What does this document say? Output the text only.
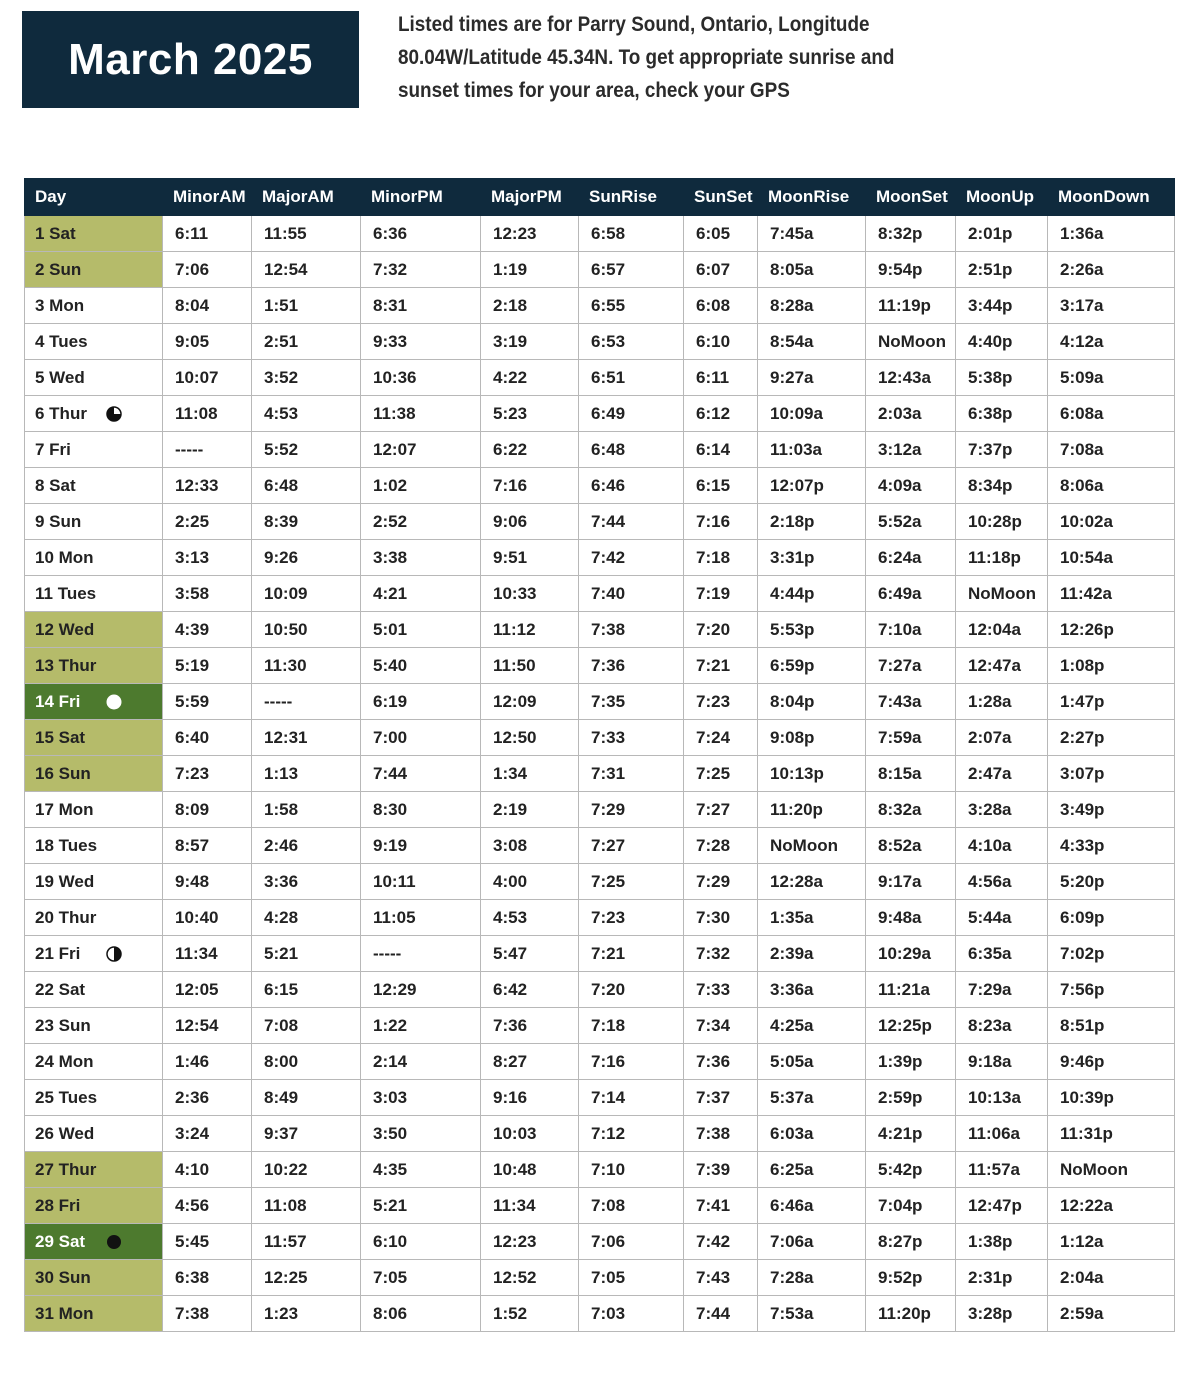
March 2025
Listed times are for Parry Sound, Ontario, Longitude 80.04W/Latitude 45.34N. To get appropriate sunrise and sunset times for your area, check your GPS
Day	MinorAM	MajorAM	MinorPM	MajorPM	SunRise	SunSet	MoonRise	MoonSet	MoonUp	MoonDown

1 Sat	6:11	11:55	6:36	12:23	6:58	6:05	7:45a	8:32p	2:01p	1:36a

2 Sun	7:06	12:54	7:32	1:19	6:57	6:07	8:05a	9:54p	2:51p	2:26a

3 Mon	8:04	1:51	8:31	2:18	6:55	6:08	8:28a	11:19p	3:44p	3:17a

4 Tues	9:05	2:51	9:33	3:19	6:53	6:10	8:54a	NoMoon	4:40p	4:12a

5 Wed	10:07	3:52	10:36	4:22	6:51	6:11	9:27a	12:43a	5:38p	5:09a

6 Thur	11:08	4:53	11:38	5:23	6:49	6:12	10:09a	2:03a	6:38p	6:08a

7 Fri	-----	5:52	12:07	6:22	6:48	6:14	11:03a	3:12a	7:37p	7:08a

8 Sat	12:33	6:48	1:02	7:16	6:46	6:15	12:07p	4:09a	8:34p	8:06a

9 Sun	2:25	8:39	2:52	9:06	7:44	7:16	2:18p	5:52a	10:28p	10:02a

10 Mon	3:13	9:26	3:38	9:51	7:42	7:18	3:31p	6:24a	11:18p	10:54a

11 Tues	3:58	10:09	4:21	10:33	7:40	7:19	4:44p	6:49a	NoMoon	11:42a

12 Wed	4:39	10:50	5:01	11:12	7:38	7:20	5:53p	7:10a	12:04a	12:26p

13 Thur	5:19	11:30	5:40	11:50	7:36	7:21	6:59p	7:27a	12:47a	1:08p

14 Fri	5:59	-----	6:19	12:09	7:35	7:23	8:04p	7:43a	1:28a	1:47p

15 Sat	6:40	12:31	7:00	12:50	7:33	7:24	9:08p	7:59a	2:07a	2:27p

16 Sun	7:23	1:13	7:44	1:34	7:31	7:25	10:13p	8:15a	2:47a	3:07p

17 Mon	8:09	1:58	8:30	2:19	7:29	7:27	11:20p	8:32a	3:28a	3:49p

18 Tues	8:57	2:46	9:19	3:08	7:27	7:28	NoMoon	8:52a	4:10a	4:33p

19 Wed	9:48	3:36	10:11	4:00	7:25	7:29	12:28a	9:17a	4:56a	5:20p

20 Thur	10:40	4:28	11:05	4:53	7:23	7:30	1:35a	9:48a	5:44a	6:09p

21 Fri	11:34	5:21	-----	5:47	7:21	7:32	2:39a	10:29a	6:35a	7:02p

22 Sat	12:05	6:15	12:29	6:42	7:20	7:33	3:36a	11:21a	7:29a	7:56p

23 Sun	12:54	7:08	1:22	7:36	7:18	7:34	4:25a	12:25p	8:23a	8:51p

24 Mon	1:46	8:00	2:14	8:27	7:16	7:36	5:05a	1:39p	9:18a	9:46p

25 Tues	2:36	8:49	3:03	9:16	7:14	7:37	5:37a	2:59p	10:13a	10:39p

26 Wed	3:24	9:37	3:50	10:03	7:12	7:38	6:03a	4:21p	11:06a	11:31p

27 Thur	4:10	10:22	4:35	10:48	7:10	7:39	6:25a	5:42p	11:57a	NoMoon

28 Fri	4:56	11:08	5:21	11:34	7:08	7:41	6:46a	7:04p	12:47p	12:22a

29 Sat	5:45	11:57	6:10	12:23	7:06	7:42	7:06a	8:27p	1:38p	1:12a

30 Sun	6:38	12:25	7:05	12:52	7:05	7:43	7:28a	9:52p	2:31p	2:04a

31 Mon	7:38	1:23	8:06	1:52	7:03	7:44	7:53a	11:20p	3:28p	2:59a
